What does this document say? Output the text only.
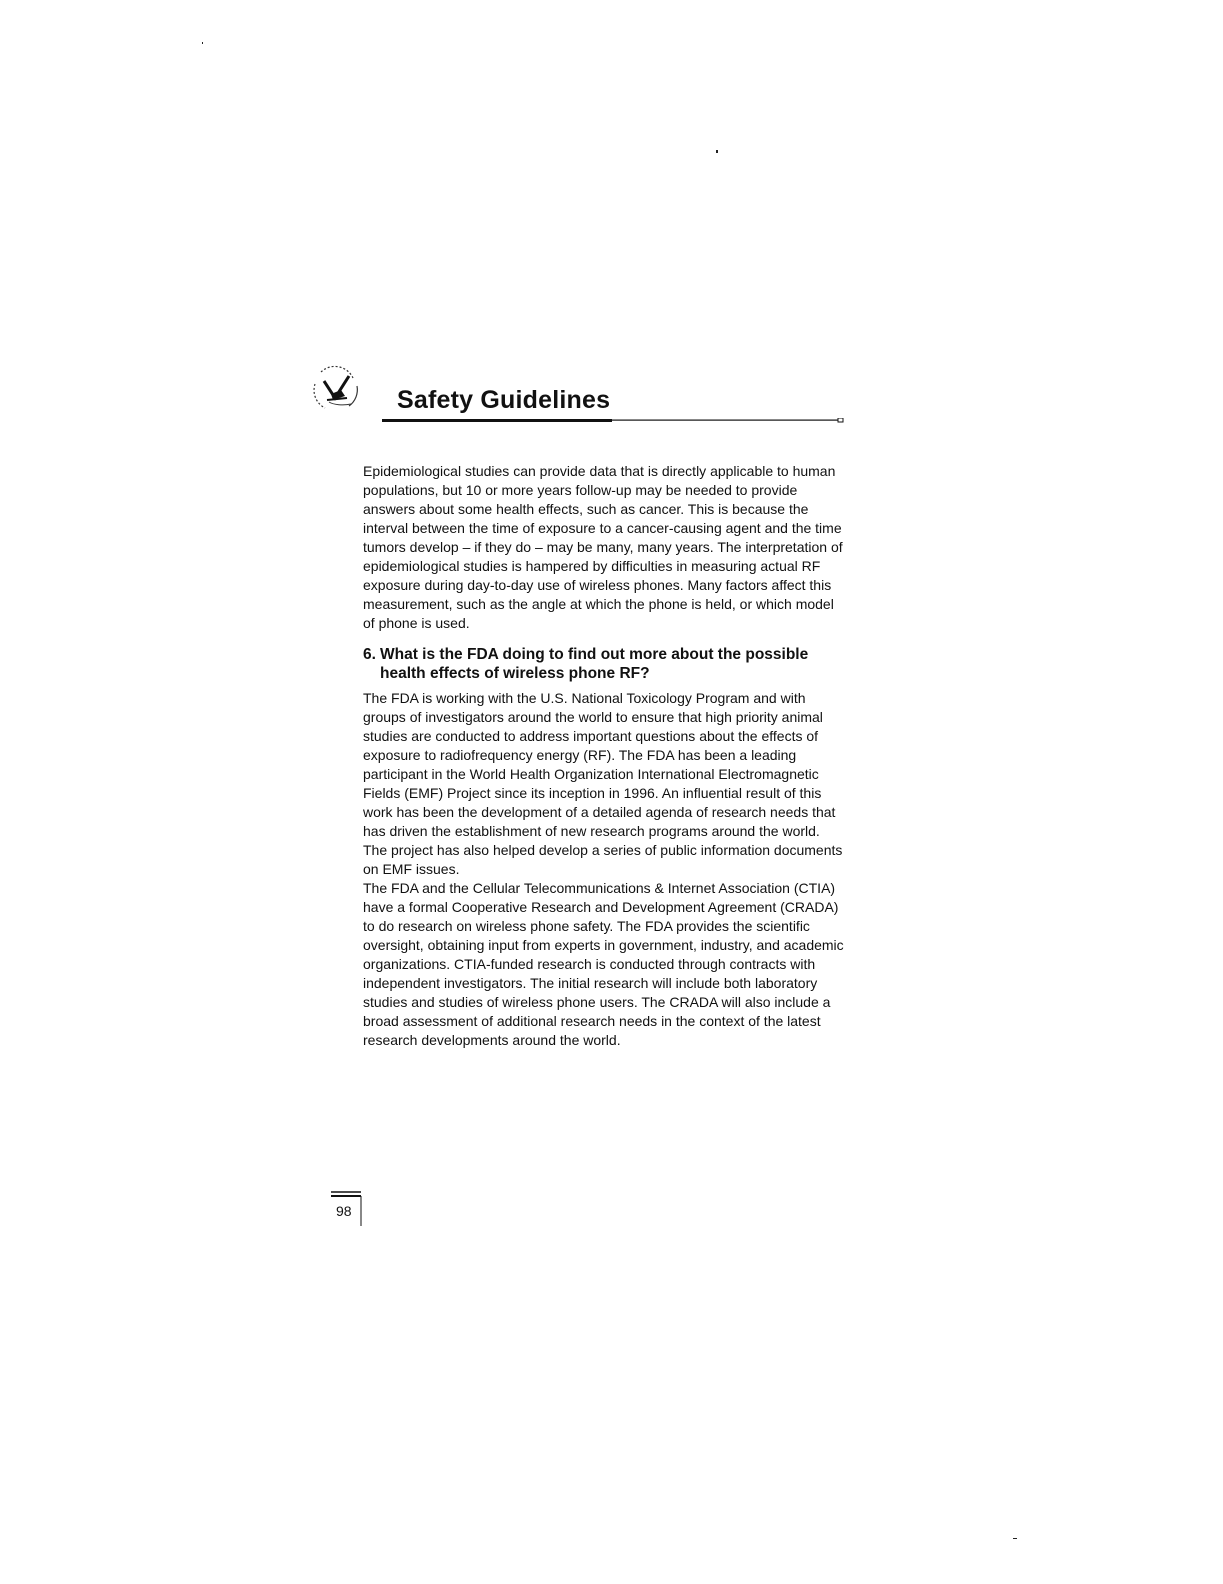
Safety Guidelines

Epidemiological studies can provide data that is directly applicable to human populations, but 10 or more years follow-up may be needed to provide answers about some health effects, such as cancer. This is because the interval between the time of exposure to a cancer-causing agent and the time tumors develop – if they do – may be many, many years. The interpretation of epidemiological studies is hampered by difficulties in measuring actual RF exposure during day-to-day use of wireless phones. Many factors affect this measurement, such as the angle at which the phone is held, or which model of phone is used.

6. What is the FDA doing to find out more about the possible health effects of wireless phone RF?

The FDA is working with the U.S. National Toxicology Program and with groups of investigators around the world to ensure that high priority animal studies are conducted to address important questions about the effects of exposure to radiofrequency energy (RF). The FDA has been a leading participant in the World Health Organization International Electromagnetic Fields (EMF) Project since its inception in 1996. An influential result of this work has been the development of a detailed agenda of research needs that has driven the establishment of new research programs around the world. The project has also helped develop a series of public information documents on EMF issues.

The FDA and the Cellular Telecommunications & Internet Association (CTIA) have a formal Cooperative Research and Development Agreement (CRADA) to do research on wireless phone safety. The FDA provides the scientific oversight, obtaining input from experts in government, industry, and academic organizations. CTIA-funded research is conducted through contracts with independent investigators. The initial research will include both laboratory studies and studies of wireless phone users. The CRADA will also include a broad assessment of additional research needs in the context of the latest research developments around the world.

98
